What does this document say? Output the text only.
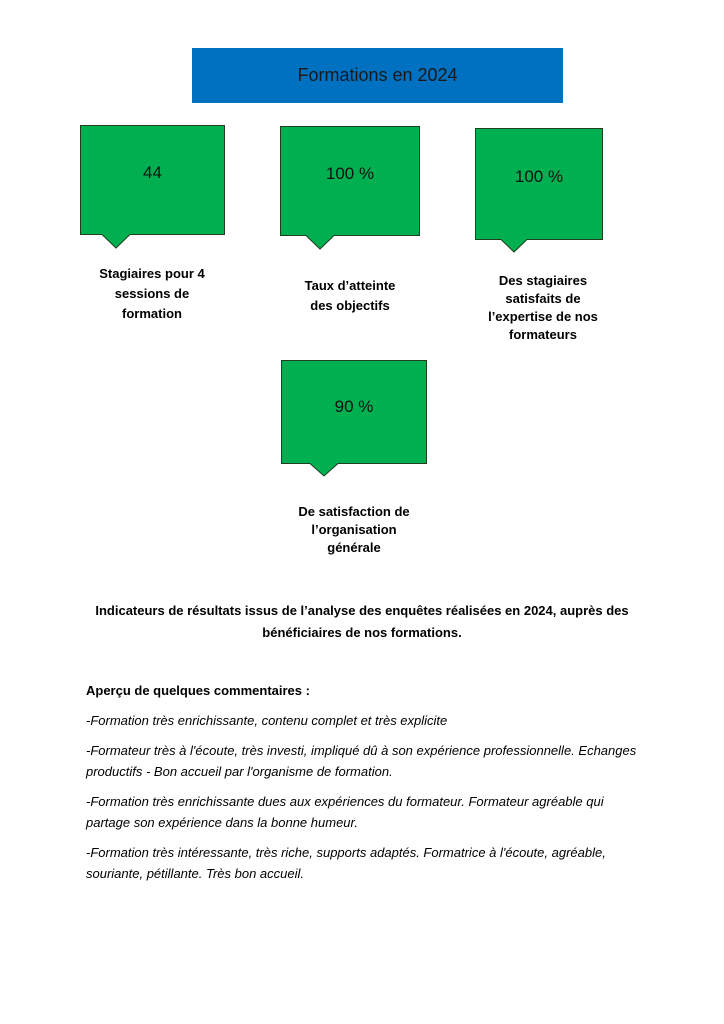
Formations en 2024
44
Stagiaires pour 4 sessions de formation
100 %
Taux d’atteinte des objectifs
100 %
Des stagiaires satisfaits de l’expertise de nos formateurs
90 %
De satisfaction de l’organisation générale
Indicateurs de résultats issus de l’analyse des enquêtes réalisées en 2024, auprès des bénéficiaires de nos formations.
Aperçu de quelques commentaires :
-Formation très enrichissante, contenu complet et très explicite
-Formateur très à l'écoute, très investi, impliqué dû à son expérience professionnelle. Echanges productifs - Bon accueil par l'organisme de formation.
-Formation très enrichissante dues aux expériences du formateur. Formateur agréable qui partage son expérience dans la bonne humeur.
-Formation très intéressante, très riche, supports adaptés. Formatrice à l'écoute, agréable, souriante, pétillante. Très bon accueil.
